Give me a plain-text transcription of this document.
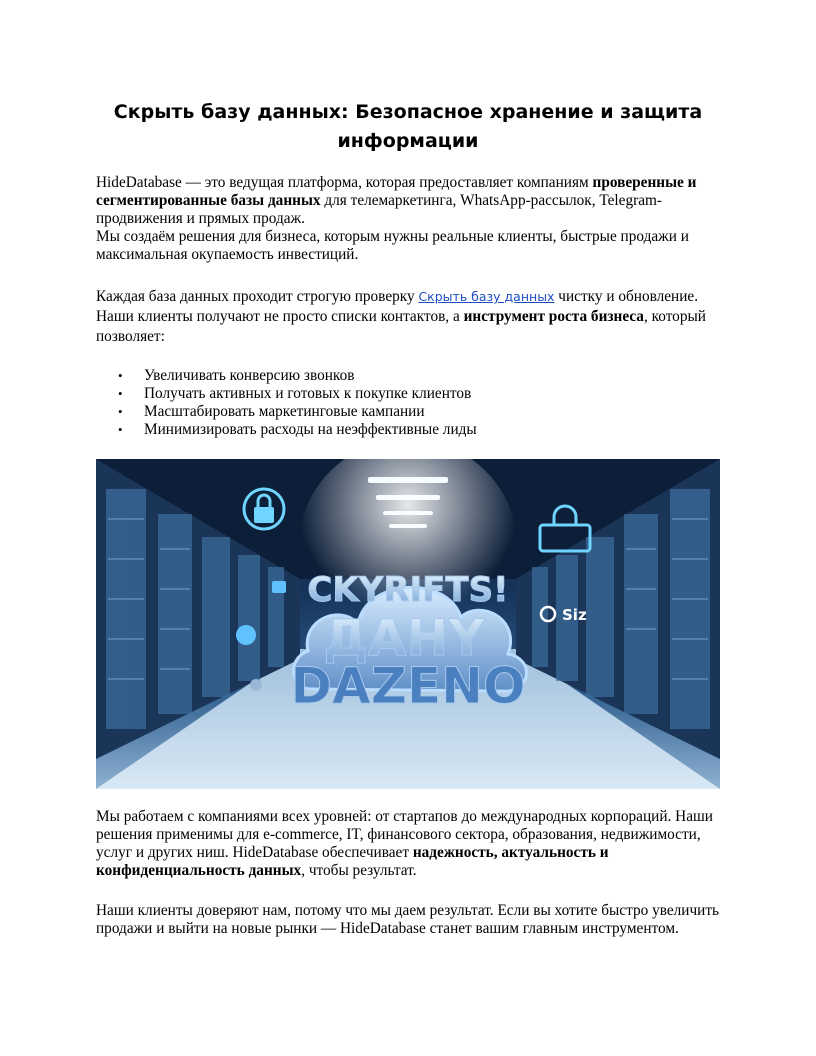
Скрыть базу данных: Безопасное хранение и защита информации

HideDatabase — это ведущая платформа, которая предоставляет компаниям проверенные и сегментированные базы данных для телемаркетинга, WhatsApp-рассылок, Telegram-продвижения и прямых продаж.
Мы создаём решения для бизнеса, которым нужны реальные клиенты, быстрые продажи и максимальная окупаемость инвестиций.

Каждая база данных проходит строгую проверку Скрыть базу данных чистку и обновление.
Наши клиенты получают не просто списки контактов, а инструмент роста бизнеса, который позволяет:

• Увеличивать конверсию звонков
• Получать активных и готовых к покупке клиентов
• Масштабировать маркетинговые кампании
• Минимизировать расходы на неэффективные лиды
CKYRIFTS!
ДАНY
DAZENO
Siz

Мы работаем с компаниями всех уровней: от стартапов до международных корпораций. Наши решения применимы для e-commerce, IT, финансового сектора, образования, недвижимости, услуг и других ниш. HideDatabase обеспечивает надежность, актуальность и конфиденциальность данных, чтобы результат.

Наши клиенты доверяют нам, потому что мы даем результат. Если вы хотите быстро увеличить продажи и выйти на новые рынки — HideDatabase станет вашим главным инструментом.
